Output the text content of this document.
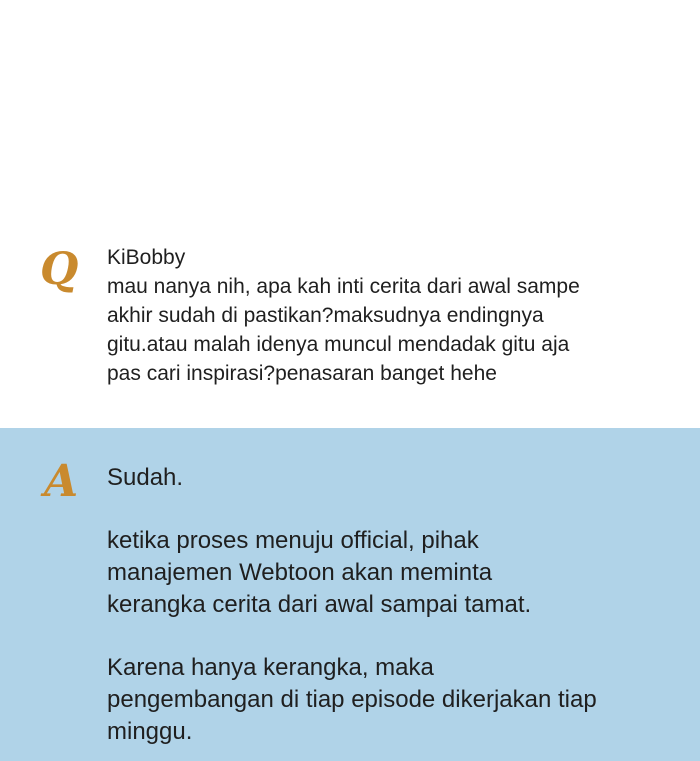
Q KiBobby

mau nanya nih, apa kah inti cerita dari awal sampe
akhir sudah di pastikan?maksudnya endingnya
gitu.atau malah idenya muncul mendadak gitu aja
pas cari inspirasi?penasaran banget hehe

A Sudah.

ketika proses menuju official, pihak
manajemen Webtoon akan meminta
kerangka cerita dari awal sampai tamat.

Karena hanya kerangka, maka
pengembangan di tiap episode dikerjakan tiap
minggu.
